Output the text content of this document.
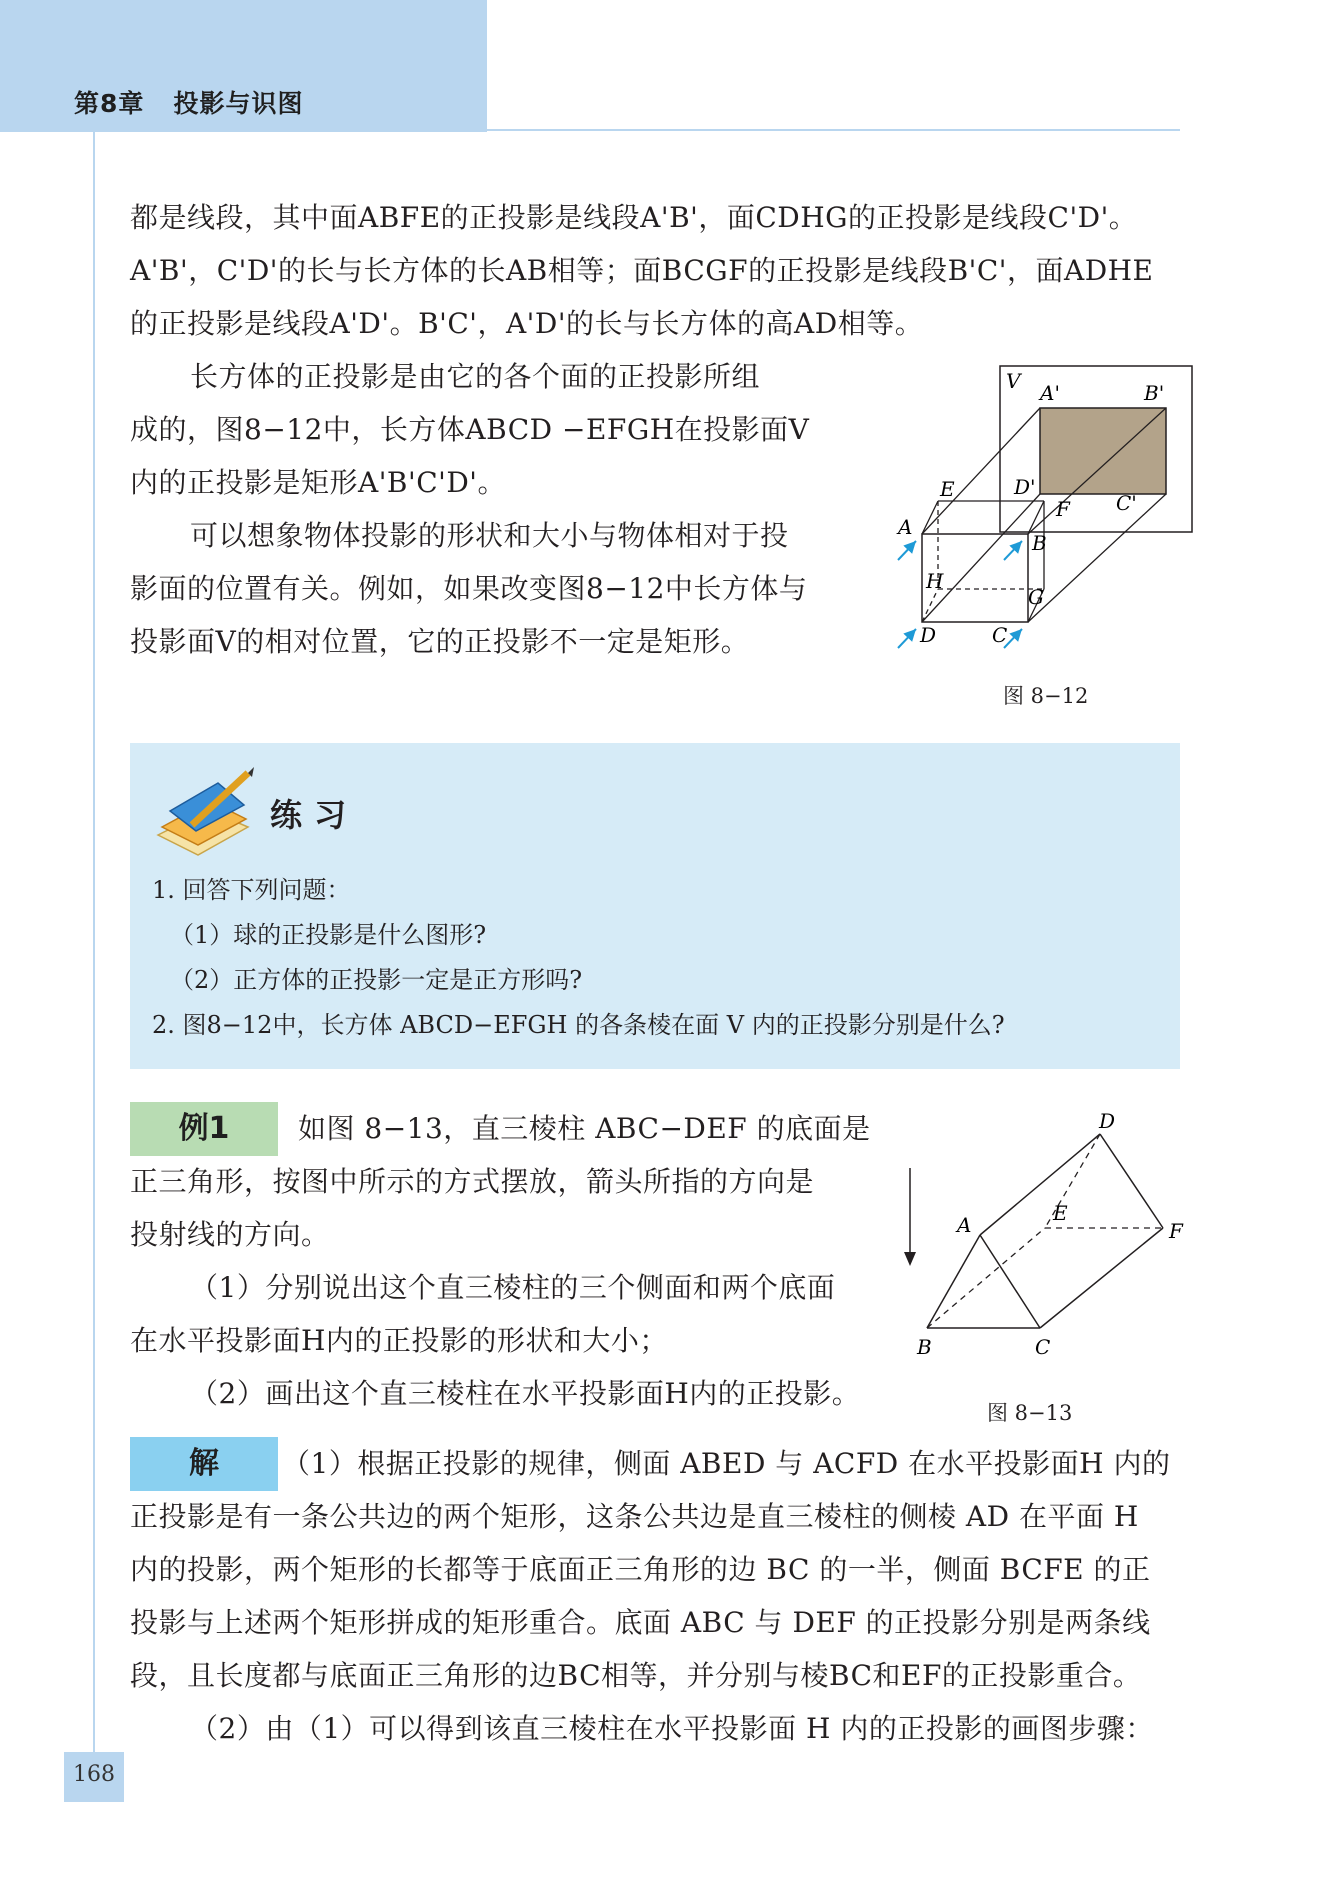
第8章 投影与识图
都是线段，其中面ABFE的正投影是线段A'B'，面CDHG的正投影是线段C'D'。
A'B'，C'D'的长与长方体的长AB相等；面BCGF的正投影是线段B'C'，面ADHE
的正投影是线段A'D'。B'C'，A'D'的长与长方体的高AD相等。
长方体的正投影是由它的各个面的正投影所组
成的，图8−12中，长方体ABCD −EFGH在投影面V
内的正投影是矩形A'B'C'D'。
可以想象物体投影的形状和大小与物体相对于投
影面的位置有关。例如，如果改变图8−12中长方体与
投影面V的相对位置，它的正投影不一定是矩形。
V A'	B'
D'
C'
E
F
A
B
H
G
D	C
图 8−12
练习
1. 回答下列问题：
（1）球的正投影是什么图形?
（2）正方体的正投影一定是正方形吗?
2. 图8−12中，长方体 ABCD−EFGH 的各条棱在面 V 内的正投影分别是什么?
例1	如图 8−13，直三棱柱 ABC−DEF 的底面是
正三角形，按图中所示的方式摆放，箭头所指的方向是
投射线的方向。
（1）分别说出这个直三棱柱的三个侧面和两个底面
在水平投影面H内的正投影的形状和大小；
（2）画出这个直三棱柱在水平投影面H内的正投影。
D
A	E
F
B	C
图 8−13
解	（1）根据正投影的规律，侧面 ABED 与 ACFD 在水平投影面H 内的
正投影是有一条公共边的两个矩形，这条公共边是直三棱柱的侧棱 AD 在平面 H
内的投影，两个矩形的长都等于底面正三角形的边 BC 的一半，侧面 BCFE 的正
投影与上述两个矩形拼成的矩形重合。底面 ABC 与 DEF 的正投影分别是两条线
段，且长度都与底面正三角形的边BC相等，并分别与棱BC和EF的正投影重合。
（2）由（1）可以得到该直三棱柱在水平投影面 H 内的正投影的画图步骤：
168
